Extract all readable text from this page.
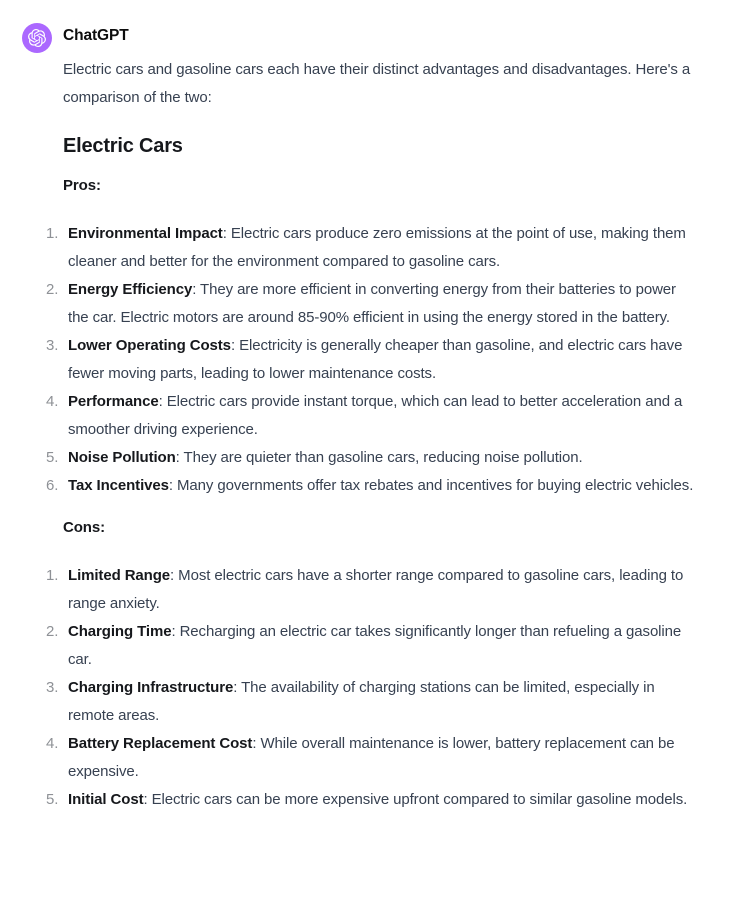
ChatGPT

Electric cars and gasoline cars each have their distinct advantages and disadvantages. Here's a comparison of the two:

Electric Cars

Pros:

Environmental Impact: Electric cars produce zero emissions at the point of use, making them cleaner and better for the environment compared to gasoline cars.
Energy Efficiency: They are more efficient in converting energy from their batteries to power the car. Electric motors are around 85-90% efficient in using the energy stored in the battery.
Lower Operating Costs: Electricity is generally cheaper than gasoline, and electric cars have fewer moving parts, leading to lower maintenance costs.
Performance: Electric cars provide instant torque, which can lead to better acceleration and a smoother driving experience.
Noise Pollution: They are quieter than gasoline cars, reducing noise pollution.
Tax Incentives: Many governments offer tax rebates and incentives for buying electric vehicles.

Cons:

Limited Range: Most electric cars have a shorter range compared to gasoline cars, leading to range anxiety.
Charging Time: Recharging an electric car takes significantly longer than refueling a gasoline car.
Charging Infrastructure: The availability of charging stations can be limited, especially in remote areas.
Battery Replacement Cost: While overall maintenance is lower, battery replacement can be expensive.
Initial Cost: Electric cars can be more expensive upfront compared to similar gasoline models.
